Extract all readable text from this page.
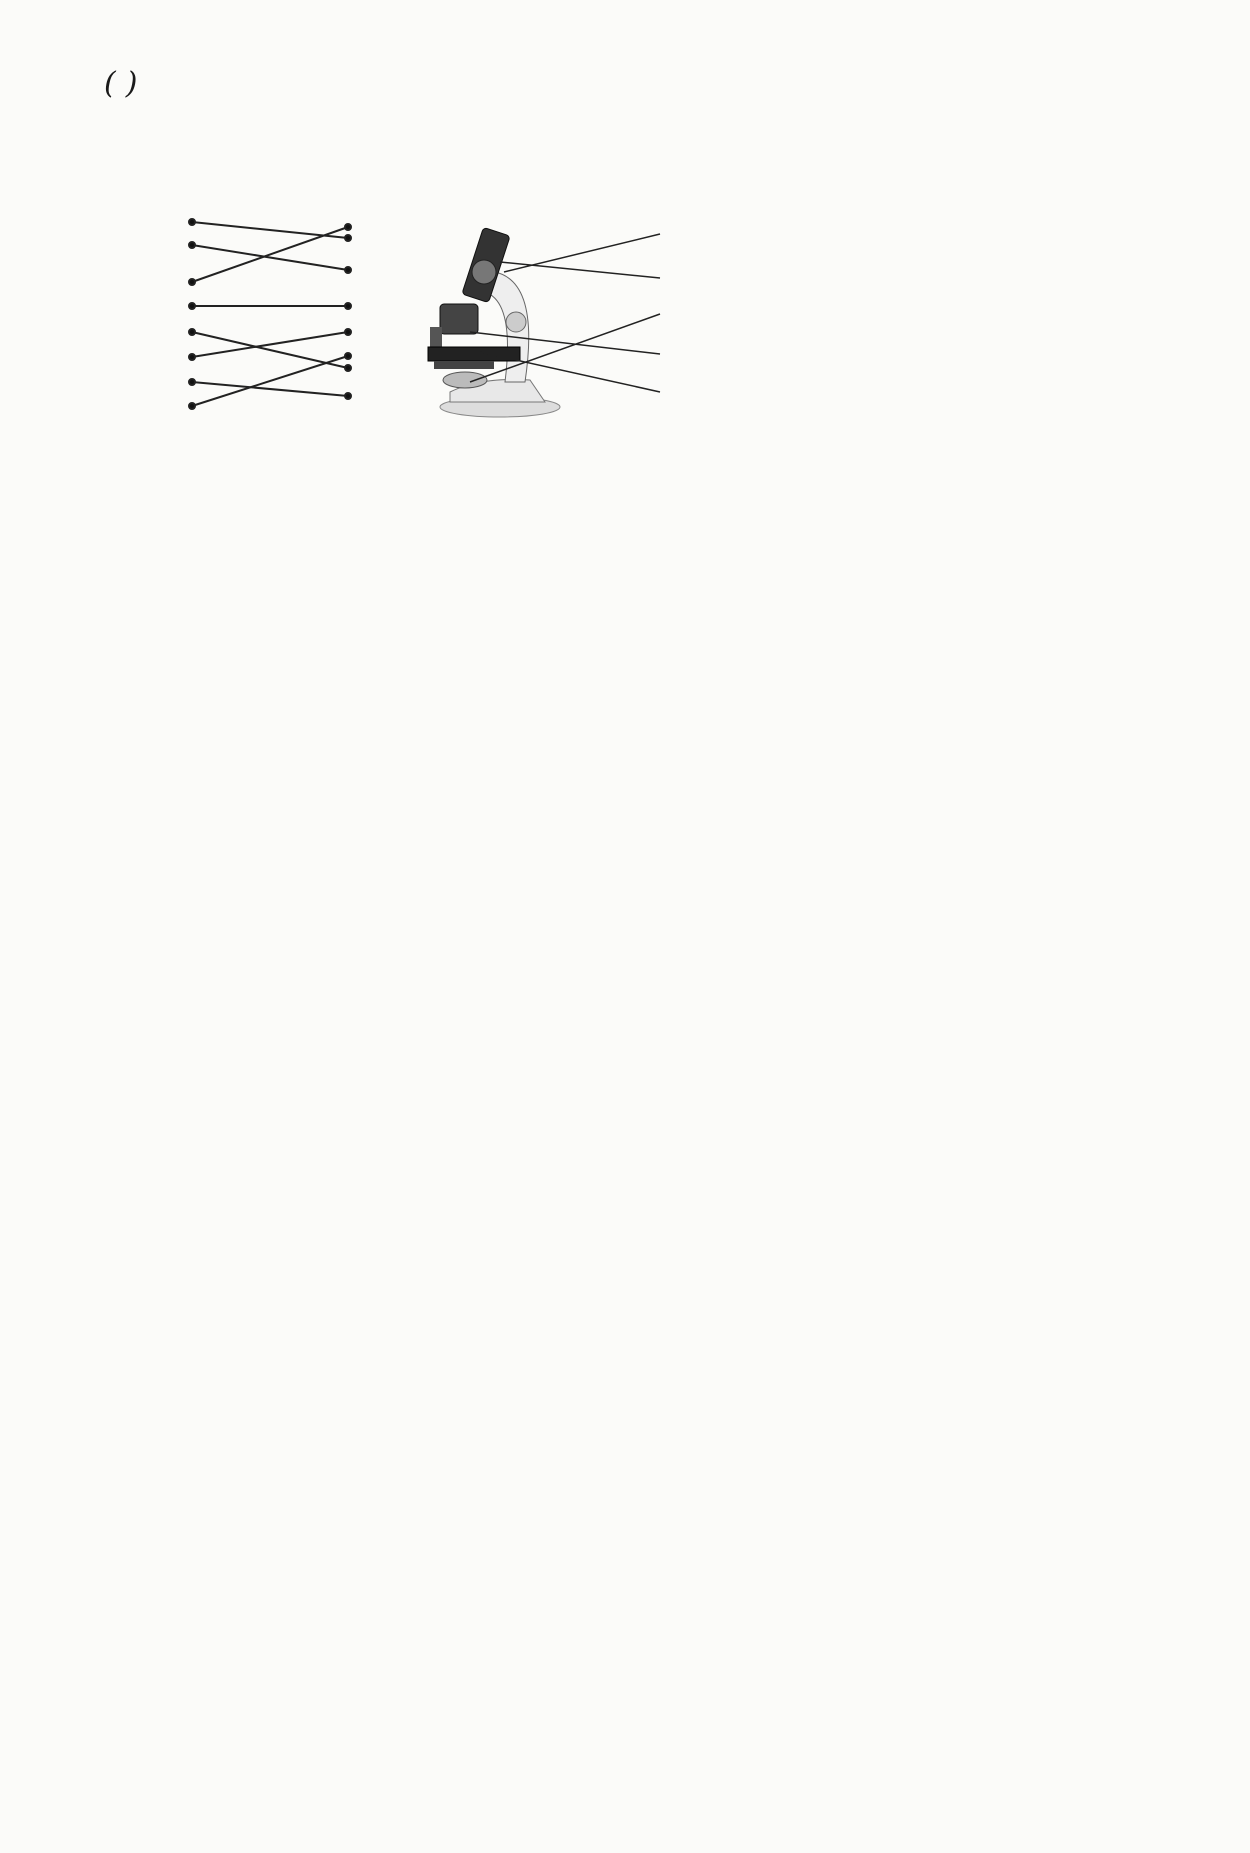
( )
